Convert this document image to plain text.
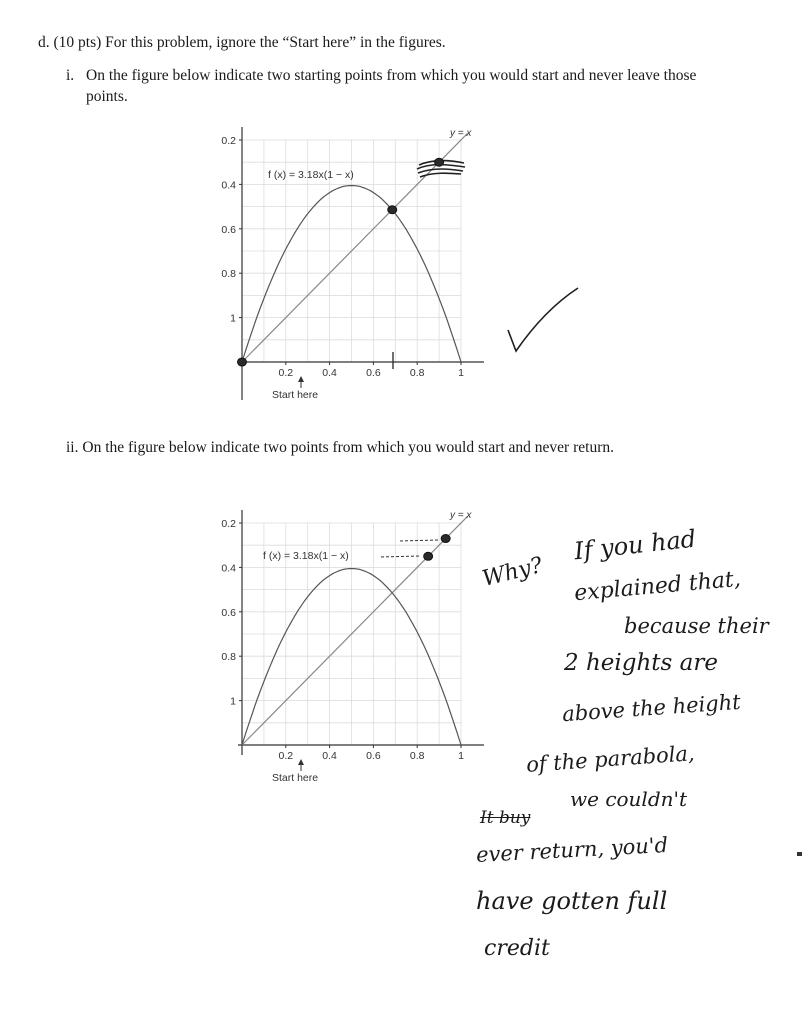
d. (10 pts) For this problem, ignore the “Start here” in the figures.
i. On the figure below indicate two starting points from which you would start and never leave those points.
0.2
0.4
0.6
0.8
1
0.2	0.4	0.6	0.8	1
y = x
f (x) = 3.18x(1 − x)
Start here
ii. On the figure below indicate two points from which you would start and never return.
0.2
0.4
0.6
0.8
1
0.2	0.4	0.6	0.8	1
y = x
f (x) = 3.18x(1 − x)
Start here
Why?
If you had
explained that,
because their
2 heights are
above the height
of the parabola,
we couldn't
It buy
ever return, you'd
have gotten full
credit
